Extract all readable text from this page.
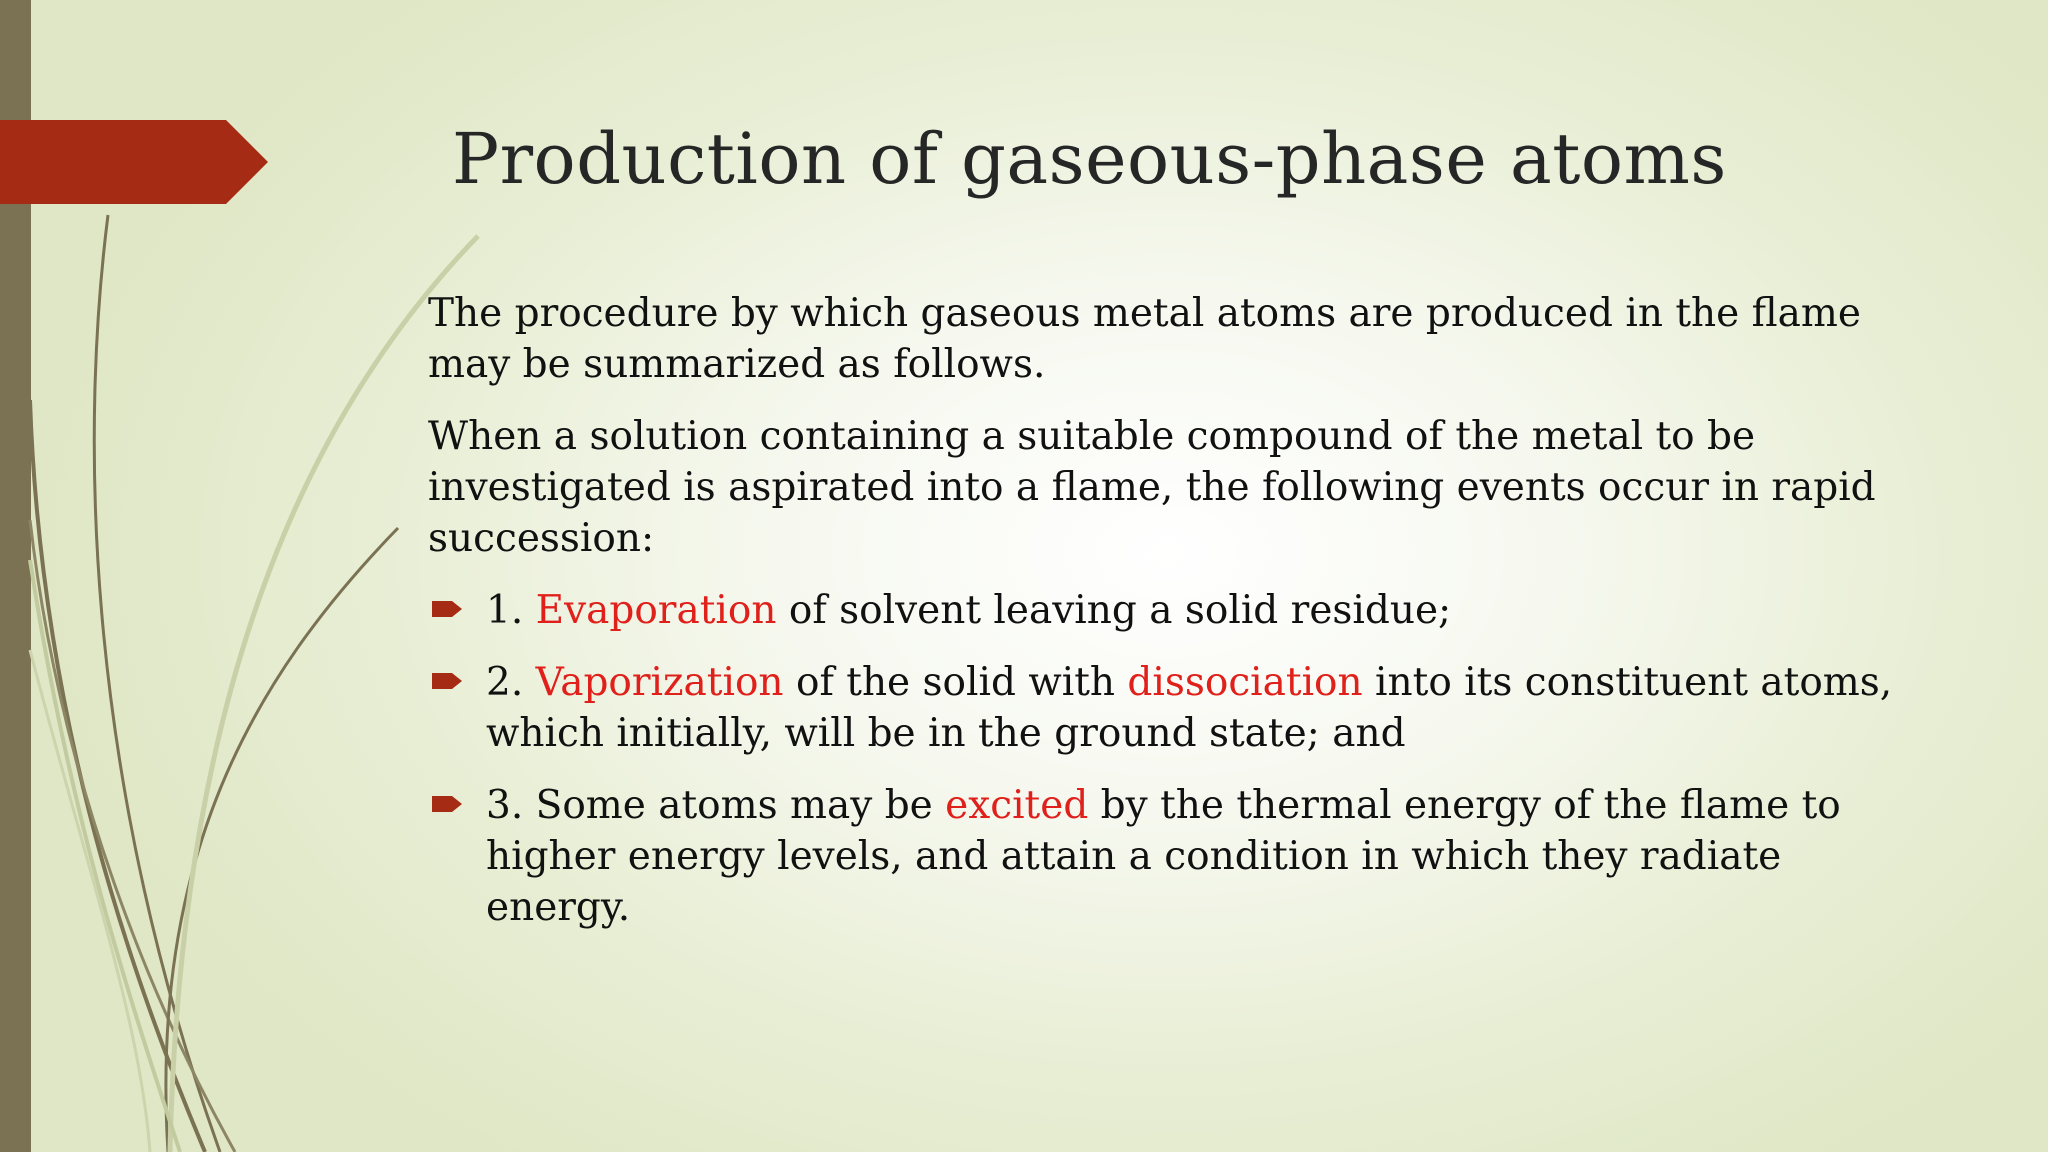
Production of gaseous-phase atoms

The procedure by which gaseous metal atoms are produced in the flame may be summarized as follows.

When a solution containing a suitable compound of the metal to be investigated is aspirated into a flame, the following events occur in rapid succession:

1. Evaporation of solvent leaving a solid residue;
2. Vaporization of the solid with dissociation into its constituent atoms, which initially, will be in the ground state; and
3. Some atoms may be excited by the thermal energy of the flame to higher energy levels, and attain a condition in which they radiate energy.
